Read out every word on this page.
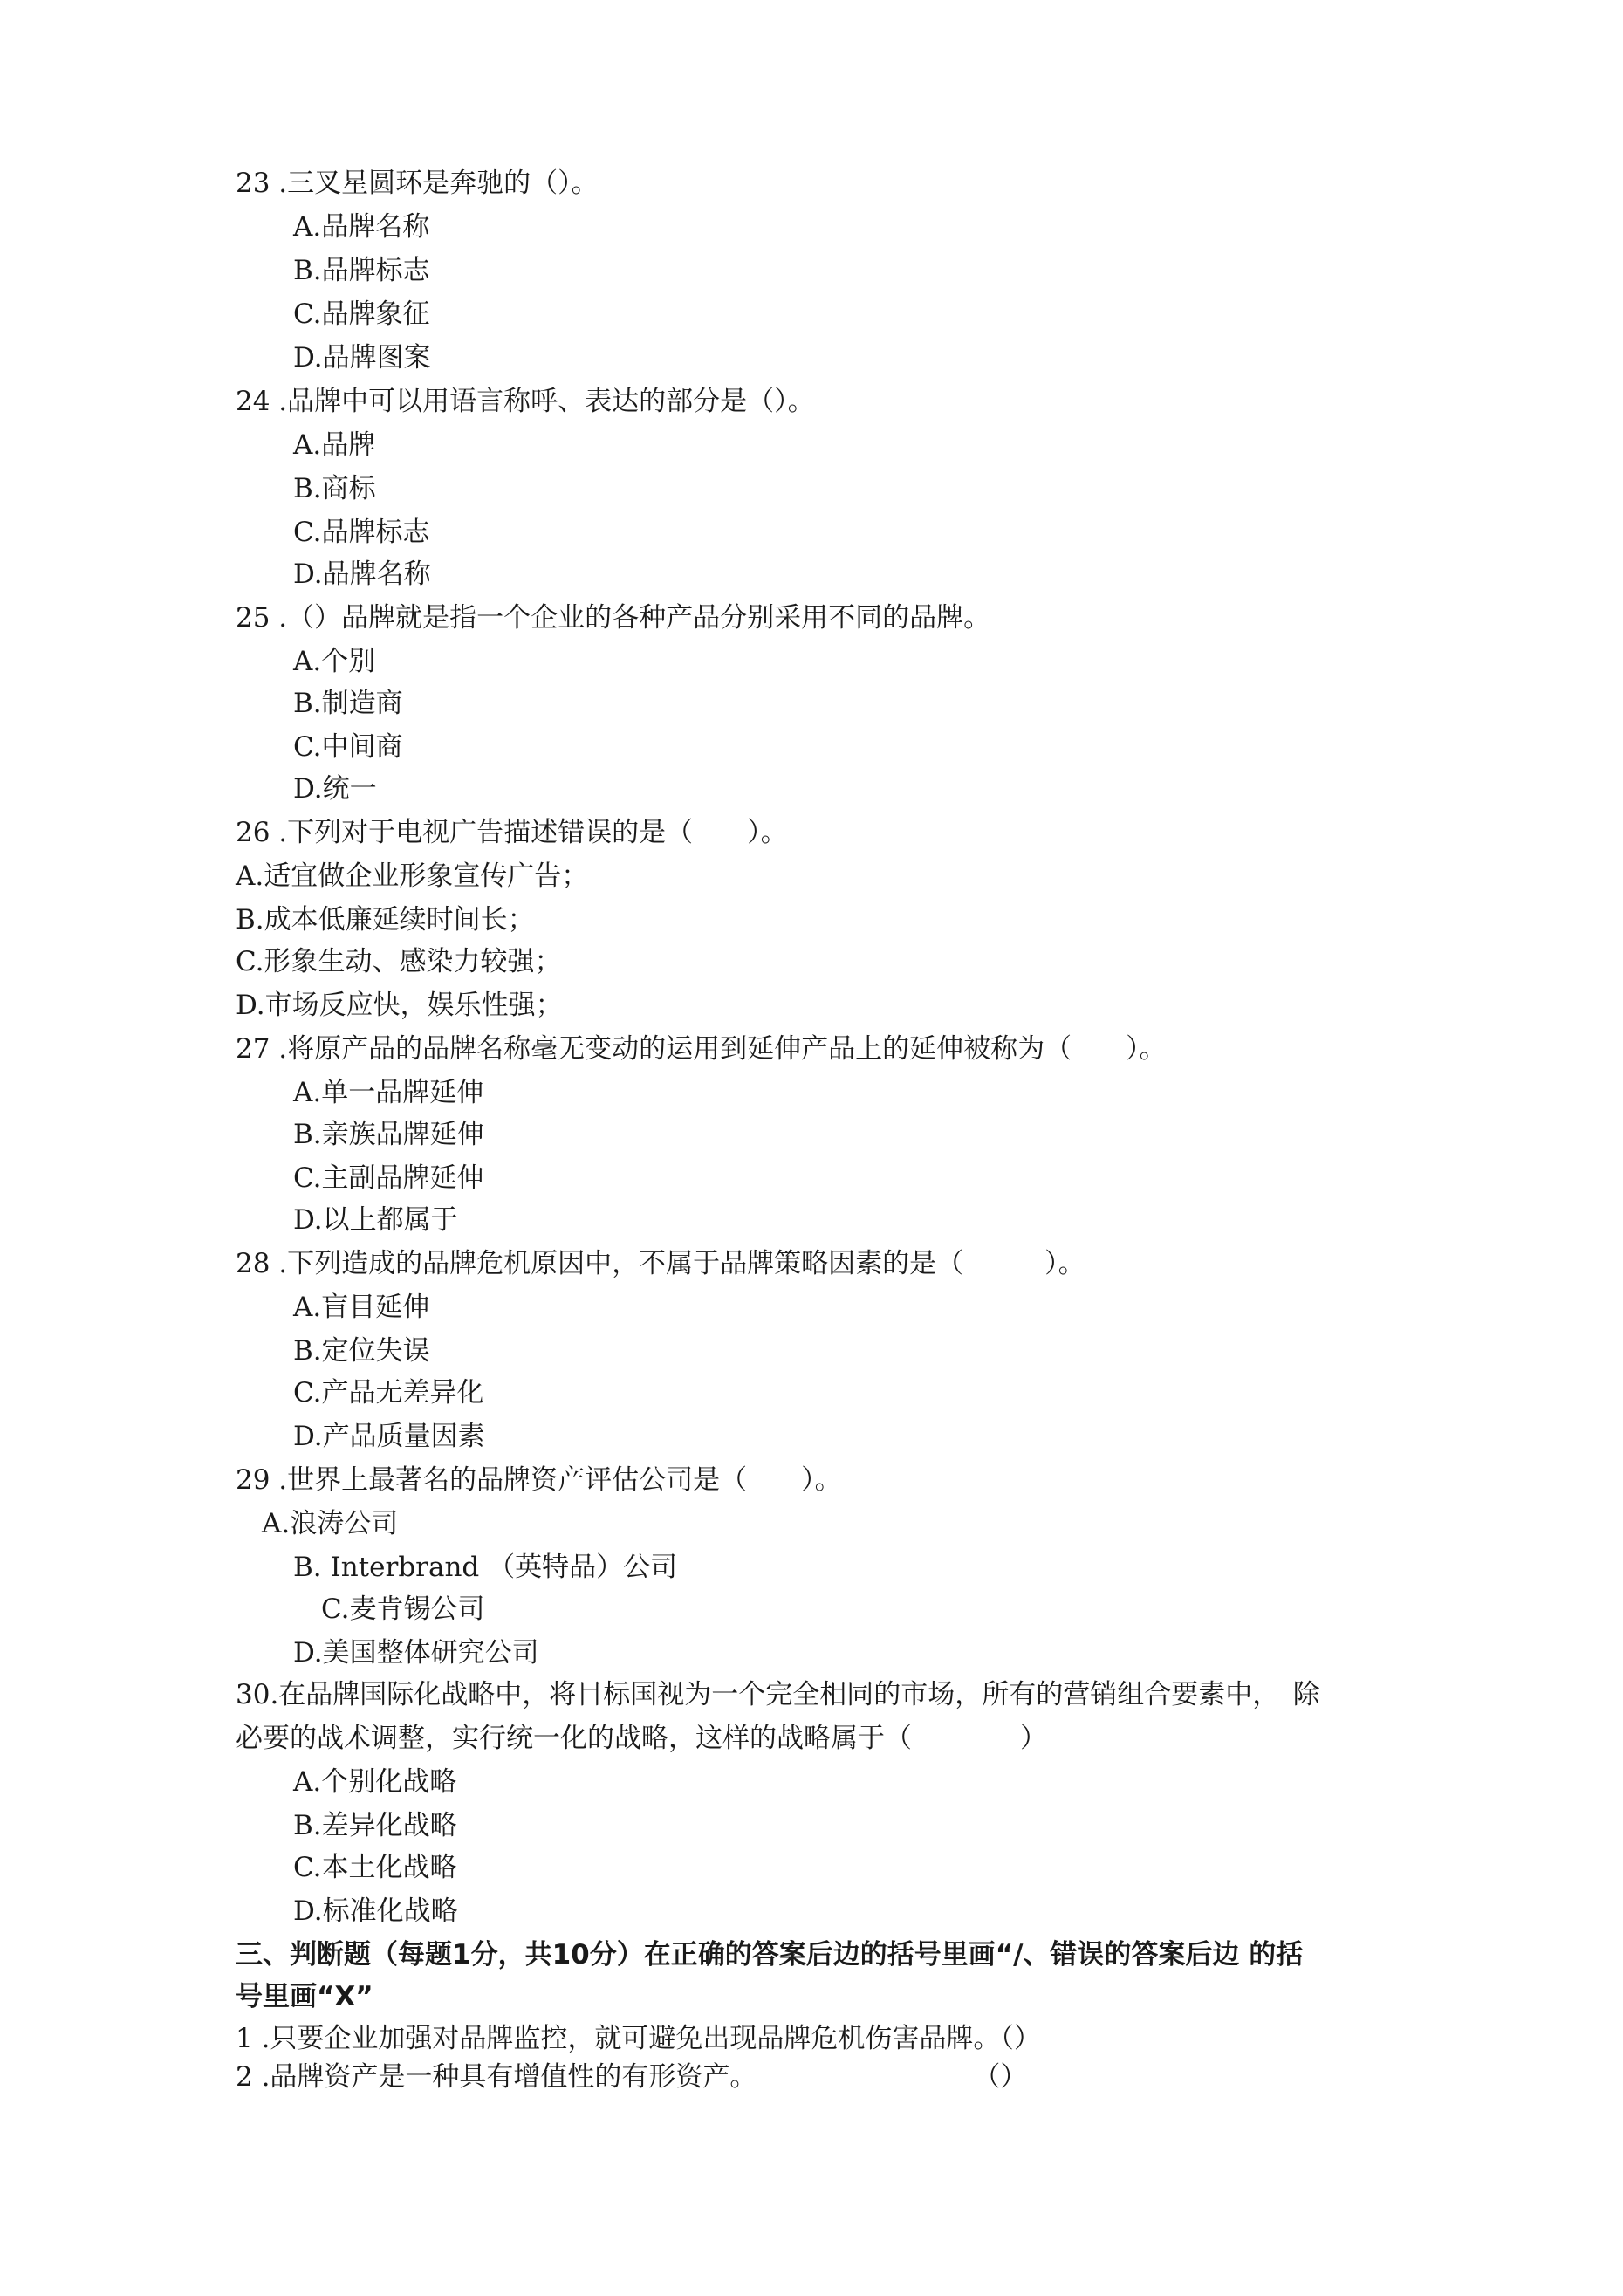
23 .三叉星圆环是奔驰的（）。
A.品牌名称
B.品牌标志
C.品牌象征
D.品牌图案
24 .品牌中可以用语言称呼、表达的部分是（）。
A.品牌
B.商标
C.品牌标志
D.品牌名称
25 .（）品牌就是指一个企业的各种产品分别采用不同的品牌。
A.个别
B.制造商
C.中间商
D.统一
26 .下列对于电视广告描述错误的是（　　）。
A.适宜做企业形象宣传广告；
B.成本低廉延续时间长；
C.形象生动、感染力较强；
D.市场反应快，娱乐性强；
27 .将原产品的品牌名称毫无变动的运用到延伸产品上的延伸被称为（　　）。
A.单一品牌延伸
B.亲族品牌延伸
C.主副品牌延伸
D.以上都属于
28 .下列造成的品牌危机原因中，不属于品牌策略因素的是（　　　）。
A.盲目延伸
B.定位失误
C.产品无差异化
D.产品质量因素
29 .世界上最著名的品牌资产评估公司是（　　）。
A.浪涛公司
B. Interbrand （英特品）公司
C.麦肯锡公司
D.美国整体研究公司
30.在品牌国际化战略中，将目标国视为一个完全相同的市场，所有的营销组合要素中，　除
必要的战术调整，实行统一化的战略，这样的战略属于（　　　　）
A.个别化战略
B.差异化战略
C.本土化战略
D.标准化战略
三、判断题（每题1分，共10分）在正确的答案后边的括号里画“/、错误的答案后边 的括
号里画“X”
1 .只要企业加强对品牌监控，就可避免出现品牌危机伤害品牌。（）
2 .品牌资产是一种具有增值性的有形资产。　　　　　　　　　（）
